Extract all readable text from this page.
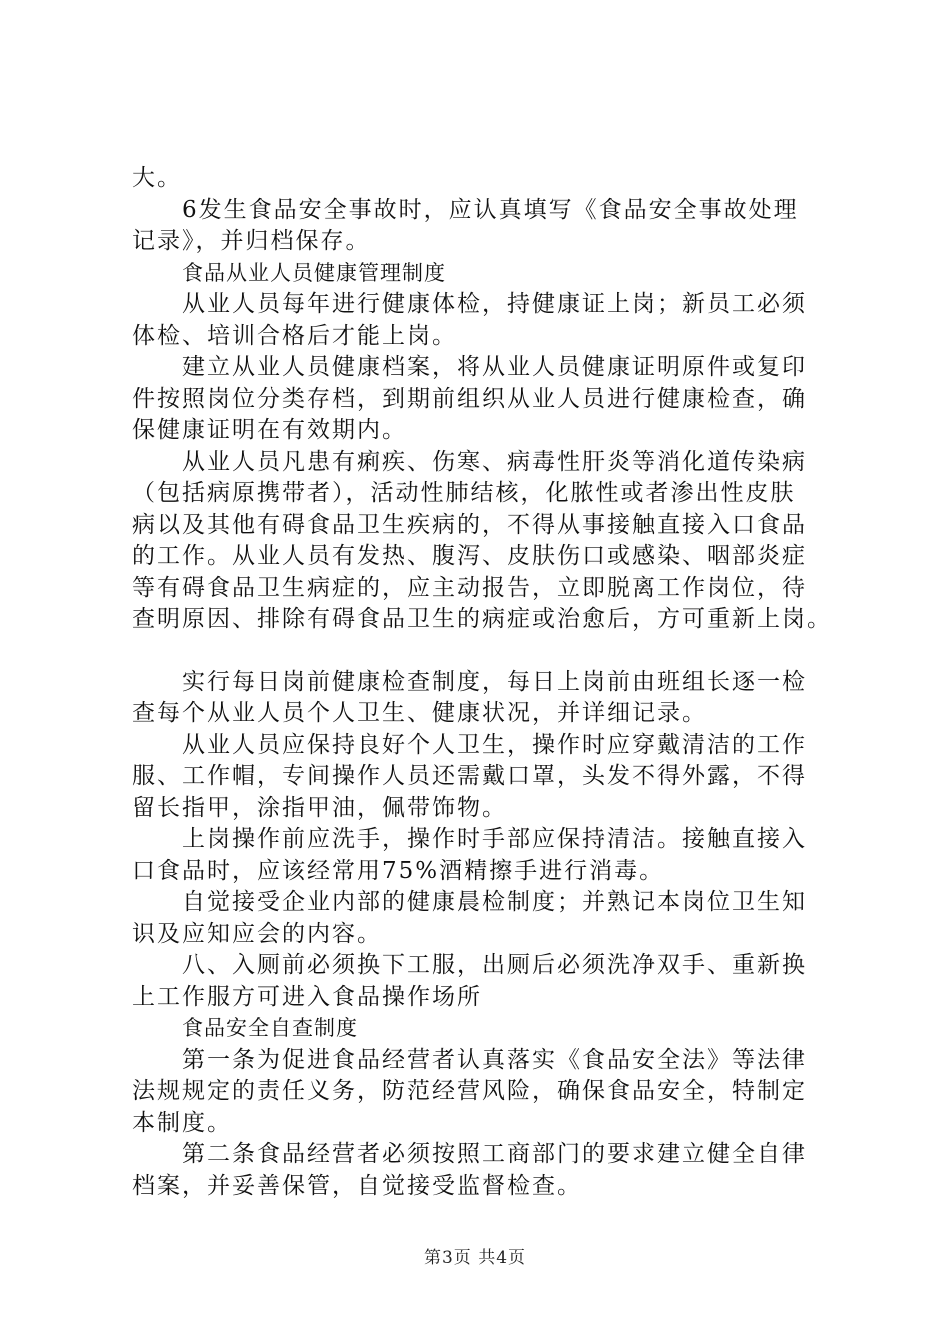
大。
6发生食品安全事故时，应认真填写《食品安全事故处理
记录》，并归档保存。
食品从业人员健康管理制度
从业人员每年进行健康体检，持健康证上岗；新员工必须
体检、培训合格后才能上岗。
建立从业人员健康档案，将从业人员健康证明原件或复印
件按照岗位分类存档，到期前组织从业人员进行健康检查，确
保健康证明在有效期内。
从业人员凡患有痢疾、伤寒、病毒性肝炎等消化道传染病
（包括病原携带者），活动性肺结核，化脓性或者渗出性皮肤
病以及其他有碍食品卫生疾病的，不得从事接触直接入口食品
的工作。从业人员有发热、腹泻、皮肤伤口或感染、咽部炎症
等有碍食品卫生病症的，应主动报告，立即脱离工作岗位，待
查明原因、排除有碍食品卫生的病症或治愈后，方可重新上岗。
实行每日岗前健康检查制度，每日上岗前由班组长逐一检
查每个从业人员个人卫生、健康状况，并详细记录。
从业人员应保持良好个人卫生，操作时应穿戴清洁的工作
服、工作帽，专间操作人员还需戴口罩，头发不得外露，不得
留长指甲，涂指甲油，佩带饰物。
上岗操作前应洗手，操作时手部应保持清洁。接触直接入
口食品时，应该经常用75%酒精擦手进行消毒。
自觉接受企业内部的健康晨检制度；并熟记本岗位卫生知
识及应知应会的内容。
八、入厕前必须换下工服，出厕后必须洗净双手、重新换
上工作服方可进入食品操作场所
食品安全自查制度
第一条为促进食品经营者认真落实《食品安全法》等法律
法规规定的责任义务，防范经营风险，确保食品安全，特制定
本制度。
第二条食品经营者必须按照工商部门的要求建立健全自律
档案，并妥善保管，自觉接受监督检查。
第3页 共4页
